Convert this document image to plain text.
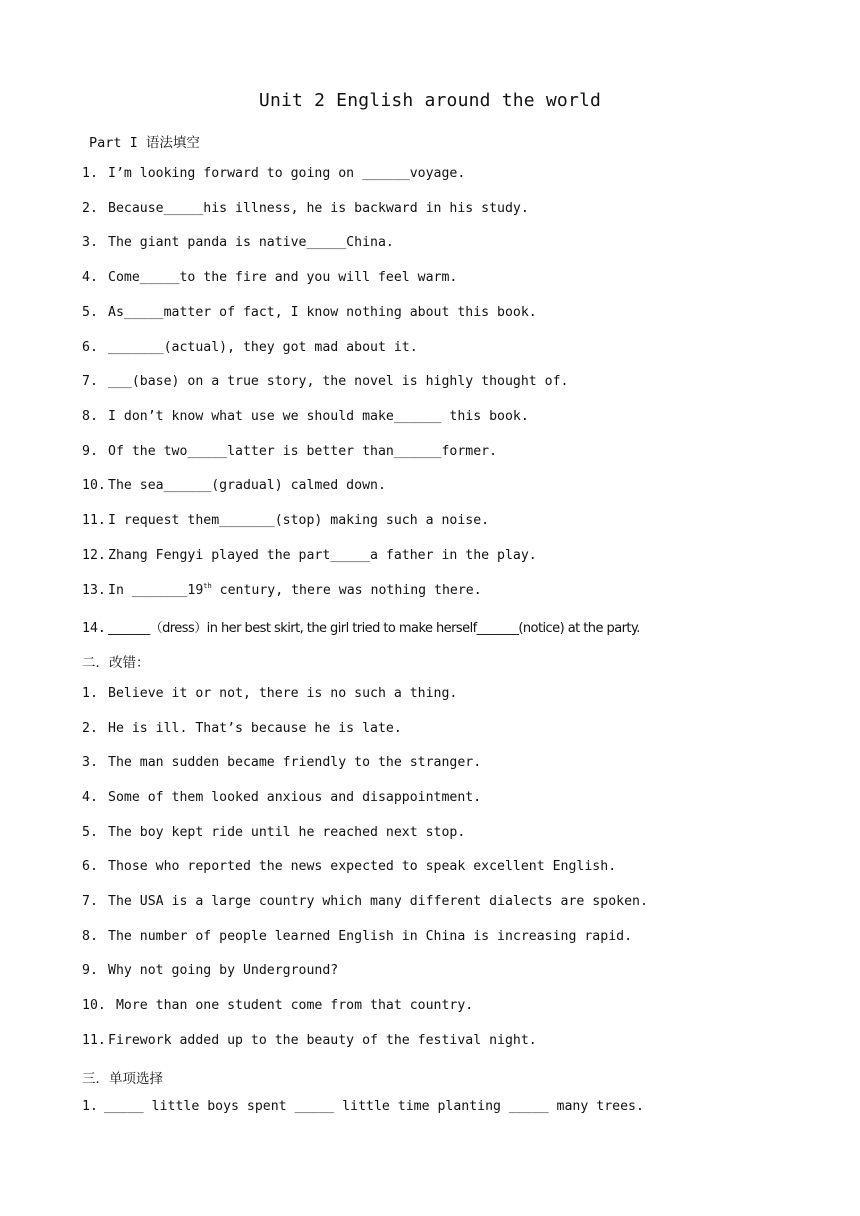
Unit 2 English around the world
Part I 语法填空
1. I’m looking forward to going on ______voyage.
2. Because_____his illness, he is backward in his study.
3. The giant panda is native_____China.
4. Come_____to the fire and you will feel warm.
5. As_____matter of fact, I know nothing about this book.
6. _______(actual), they got mad about it.
7. ___(base) on a true story, the novel is highly thought of.
8. I don’t know what use we should make______ this book.
9. Of the two_____latter is better than______former.
10. The sea______(gradual) calmed down.
11. I request them_______(stop) making such a noise.
12. Zhang Fengyi played the part_____a father in the play.
13. In _______19th century, there was nothing there.
14. _______（dress）in her best skirt, the girl tried to make herself_______(notice) at the party.
二．改错：
1. Believe it or not, there is no such a thing.
2. He is ill. That’s because he is late.
3. The man sudden became friendly to the stranger.
4. Some of them looked anxious and disappointment.
5. The boy kept ride until he reached next stop.
6. Those who reported the news expected to speak excellent English.
7. The USA is a large country which many different dialects are spoken.
8. The number of people learned English in China is increasing rapid.
9. Why not going by Underground?
10. More than one student come from that country.
11. Firework added up to the beauty of the festival night.
三．单项选择
1. _____ little boys spent _____ little time planting _____ many trees.
